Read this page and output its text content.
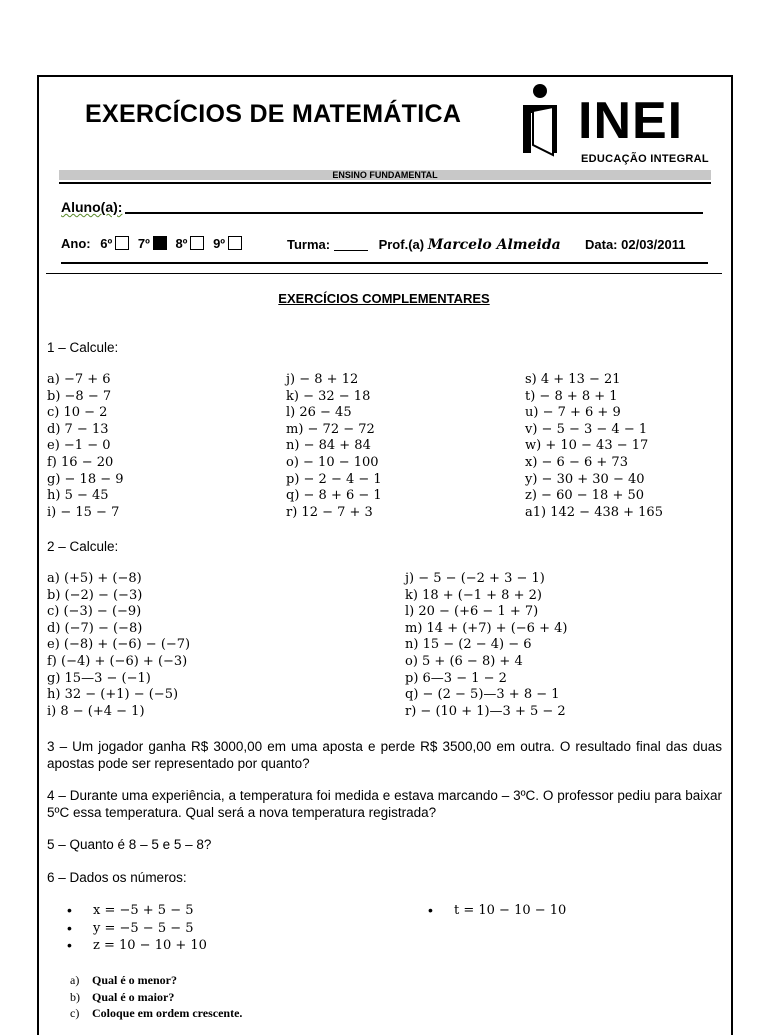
EXERCÍCIOS DE MATEMÁTICA INEI
EDUCAÇÃO INTEGRAL
ENSINO FUNDAMENTAL
Aluno(a):
Ano: 6º 7º 8º 9º	Turma:	Prof.(a) Marcelo Almeida Data: 02/03/2011
EXERCÍCIOS COMPLEMENTARES
1 – Calcule:
a) −7 + 6
b) −8 − 7
c) 10 − 2
d) 7 − 13
e) −1 − 0
f) 16 − 20
g) − 18 − 9
h) 5 − 45
i) − 15 − 7
j) − 8 + 12
k) − 32 − 18
l) 26 − 45
m) − 72 − 72
n) − 84 + 84
o) − 10 − 100
p) − 2 − 4 − 1
q) − 8 + 6 − 1
r) 12 − 7 + 3
s) 4 + 13 − 21
t) − 8 + 8 + 1
u) − 7 + 6 + 9
v) − 5 − 3 − 4 − 1
w) + 10 − 43 − 17
x) − 6 − 6 + 73
y) − 30 + 30 − 40
z) − 60 − 18 + 50
a1) 142 − 438 + 165
2 – Calcule:
a) (+5) + (−8)
b) (−2) − (−3)
c) (−3) − (−9)
d) (−7) − (−8)
e) (−8) + (−6) − (−7)
f) (−4) + (−6) + (−3)
g) 15—3 − (−1)
h) 32 − (+1) − (−5)
i) 8 − (+4 − 1)
j) − 5 − (−2 + 3 − 1)
k) 18 + (−1 + 8 + 2)
l) 20 − (+6 − 1 + 7)
m) 14 + (+7) + (−6 + 4)
n) 15 − (2 − 4) − 6
o) 5 + (6 − 8) + 4
p) 6—3 − 1 − 2
q) − (2 − 5)—3 + 8 − 1
r) − (10 + 1)—3 + 5 − 2
3 – Um jogador ganha R$ 3000,00 em uma aposta e perde R$ 3500,00 em outra. O resultado final das duas apostas pode ser representado por quanto?
4 – Durante uma experiência, a temperatura foi medida e estava marcando – 3ºC. O professor pediu para baixar 5ºC essa temperatura. Qual será a nova temperatura registrada?
5 – Quanto é 8 – 5 e 5 – 8?
6 – Dados os números:
• x = −5 + 5 − 5
• y = −5 − 5 − 5
• z = 10 − 10 + 10
• t = 10 − 10 − 10
a) Qual é o menor?
b) Qual é o maior?
c) Coloque em ordem crescente.
